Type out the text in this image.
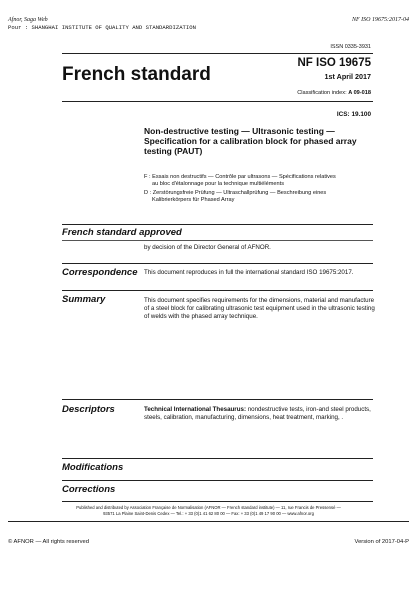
Afnor, Saga Web
Pour : SHANGHAI INSTITUTE OF QUALITY AND STANDARDIZATION
NF ISO 19675:2017-04
ISSN 0335-3931
French standard
NF ISO 19675
1st April 2017
Classification index: A 09-018
ICS: 19.100
Non-destructive testing — Ultrasonic testing — Specification for a calibration block for phased array testing (PAUT)
F : Essais non destructifs — Contrôle par ultrasons — Spécifications relatives
au bloc d'étalonnage pour la technique multiéléments
D : Zerstörungsfreie Prüfung — Ultraschallprüfung — Beschreibung eines
Kalibrierkörpers für Phased Array
French standard approved
by decision of the Director General of AFNOR.
Correspondence This document reproduces in full the international standard ISO 19675:2017.
Summary	This document specifies requirements for the dimensions, material and manufacture
of a steel block for calibrating ultrasonic test equipment used in the ultrasonic testing
of welds with the phased array technique.
Descriptors	Technical International Thesaurus: nondestructive tests, iron-and steel products,
steels, calibration, manufacturing, dimensions, heat treatment, marking, .
Modifications
Corrections
Published and distributed by Association Française de Normalisation (AFNOR — French standard institute) — 11, rue Francis de Pressensé —
93571 La Plaine Saint-Denis Cedex — Tel.: + 33 (0)1 41 62 80 00 — Fax: + 33 (0)1 49 17 90 00 — www.afnor.org
© AFNOR — All rights reserved	Version of 2017-04-P
